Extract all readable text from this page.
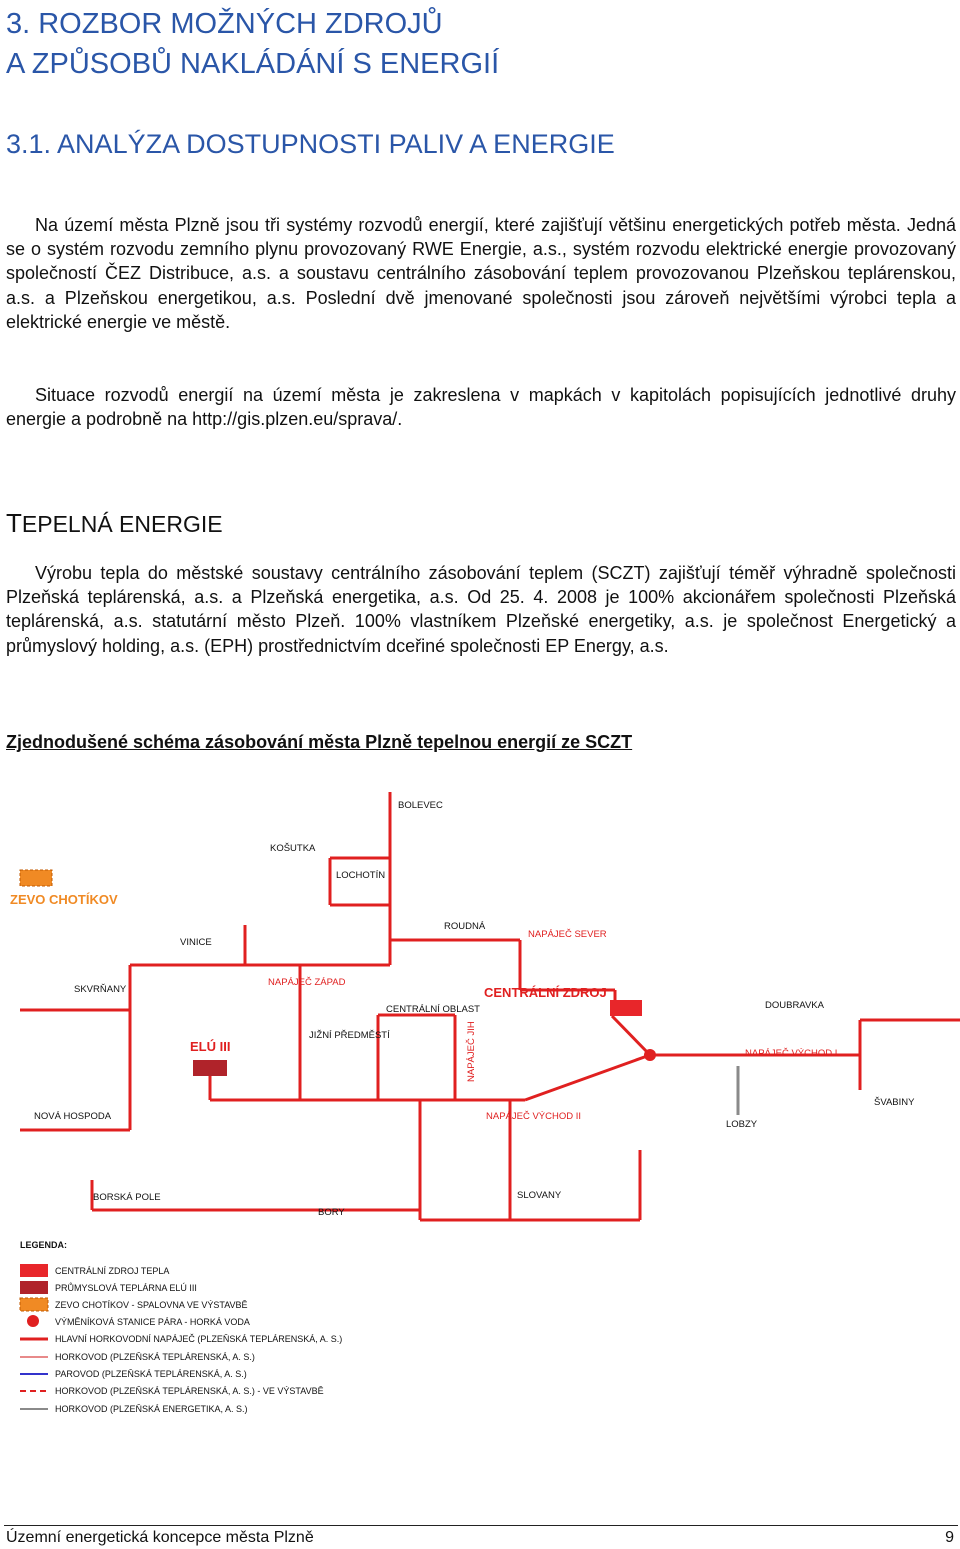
3. ROZBOR MOŽNÝCH ZDROJŮ
A ZPŮSOBŮ NAKLÁDÁNÍ S ENERGIÍ
3.1. ANALÝZA DOSTUPNOSTI PALIV A ENERGIE

Na území města Plzně jsou tři systémy rozvodů energií, které zajišťují většinu energetických potřeb města. Jedná se o systém rozvodu zemního plynu provozovaný RWE Energie, a.s., systém rozvodu elektrické energie provozovaný společností ČEZ Distribuce, a.s. a soustavu centrálního zásobování teplem provozovanou Plzeňskou teplárenskou, a.s. a Plzeňskou energetikou, a.s. Poslední dvě jmenované společnosti jsou zároveň největšími výrobci tepla a elektrické energie ve městě.

Situace rozvodů energií na území města je zakreslena v mapkách v kapitolách popisujících jednotlivé druhy energie a podrobně na http://gis.plzen.eu/sprava/.

TEPELNÁ ENERGIE

Výrobu tepla do městské soustavy centrálního zásobování teplem (SCZT) zajišťují téměř výhradně společnosti Plzeňská teplárenská, a.s. a Plzeňská energetika, a.s. Od 25. 4. 2008 je 100% akcionářem společnosti Plzeňská teplárenská, a.s. statutární město Plzeň. 100% vlastníkem Plzeňské energetiky, a.s. je společnost Energetický a průmyslový holding, a.s. (EPH) prostřednictvím dceřiné společnosti EP Energy, a.s.

Zjednodušené schéma zásobování města Plzně tepelnou energií ze SCZT

BOLEVEC
KOŠUTKA
LOCHOTÍN
ZEVO CHOTÍKOV
VINICE
ROUDNÁ
NAPÁJEČ SEVER
SKVRŇANY
NAPÁJEČ ZÁPAD
CENTRÁLNÍ ZDROJ
CENTRÁLNÍ OBLAST	DOUBRAVKA
JIŽNÍ PŘEDMĚSTÍ	NAPÁJEČ JIH
ELÚ III	NAPÁJEČ VÝCHOD I
ŠVABINY
NOVÁ HOSPODA	NAPÁJEČ VÝCHOD II
LOBZY
BORSKÁ POLE	SLOVANY
BORY
LEGENDA:
CENTRÁLNÍ ZDROJ TEPLA
PRŮMYSLOVÁ TEPLÁRNA ELÚ III
ZEVO CHOTÍKOV - SPALOVNA VE VÝSTAVBĚ
VÝMĚNÍKOVÁ STANICE PÁRA - HORKÁ VODA
HLAVNÍ HORKOVODNÍ NAPÁJEČ (PLZEŇSKÁ TEPLÁRENSKÁ, A. S.)
HORKOVOD (PLZEŇSKÁ TEPLÁRENSKÁ, A. S.)
PAROVOD (PLZEŇSKÁ TEPLÁRENSKÁ, A. S.)
HORKOVOD (PLZEŇSKÁ TEPLÁRENSKÁ, A. S.) - VE VÝSTAVBĚ
HORKOVOD (PLZEŇSKÁ ENERGETIKA, A. S.)
Územní energetická koncepce města Plzně	9
